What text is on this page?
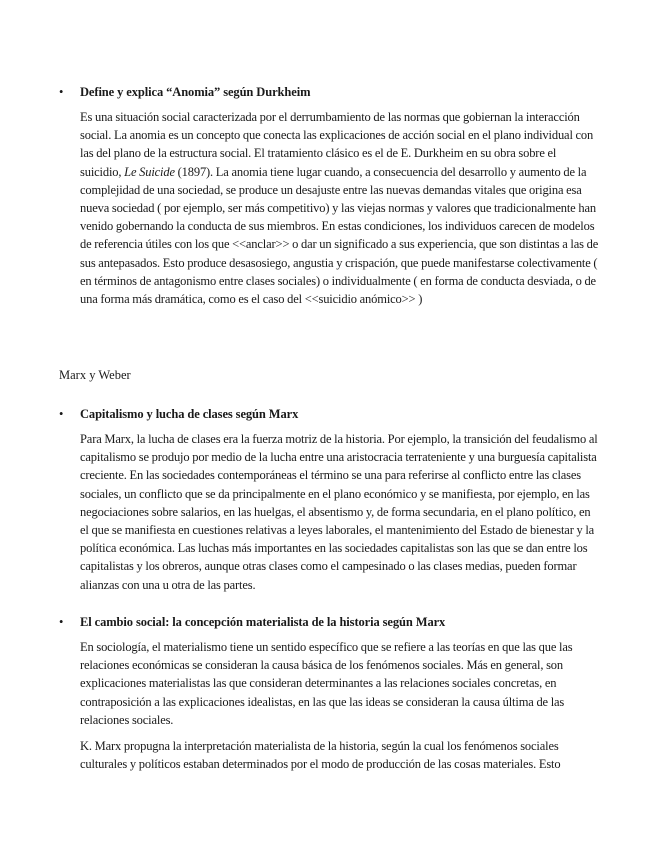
• Define y explica “Anomia” según Durkheim

Es una situación social caracterizada por el derrumbamiento de las normas que gobiernan la interacción social. La anomia es un concepto que conecta las explicaciones de acción social en el plano individual con las del plano de la estructura social. El tratamiento clásico es el de E. Durkheim en su obra sobre el suicidio, Le Suicide (1897). La anomia tiene lugar cuando, a consecuencia del desarrollo y aumento de la complejidad de una sociedad, se produce un desajuste entre las nuevas demandas vitales que origina esa nueva sociedad ( por ejemplo, ser más competitivo) y las viejas normas y valores que tradicionalmente han venido gobernando la conducta de sus miembros. En estas condiciones, los individuos carecen de modelos de referencia útiles con los que <<anclar>> o dar un significado a sus experiencia, que son distintas a las de sus antepasados. Esto produce desasosiego, angustia y crispación, que puede manifestarse colectivamente ( en términos de antagonismo entre clases sociales) o individualmente ( en forma de conducta desviada, o de una forma más dramática, como es el caso del <<suicidio anómico>> )

Marx y Weber
• Capitalismo y lucha de clases según Marx

Para Marx, la lucha de clases era la fuerza motriz de la historia. Por ejemplo, la transición del feudalismo al capitalismo se produjo por medio de la lucha entre una aristocracia terrateniente y una burguesía capitalista creciente. En las sociedades contemporáneas el término se una para referirse al conflicto entre las clases sociales, un conflicto que se da principalmente en el plano económico y se manifiesta, por ejemplo, en las negociaciones sobre salarios, en las huelgas, el absentismo y, de forma secundaria, en el plano político, en el que se manifiesta en cuestiones relativas a leyes laborales, el mantenimiento del Estado de bienestar y la política económica. Las luchas más importantes en las sociedades capitalistas son las que se dan entre los capitalistas y los obreros, aunque otras clases como el campesinado o las clases medias, pueden formar alianzas con una u otra de las partes.

• El cambio social: la concepción materialista de la historia según Marx

En sociología, el materialismo tiene un sentido específico que se refiere a las teorías en que las que las relaciones económicas se consideran la causa básica de los fenómenos sociales. Más en general, son explicaciones materialistas las que consideran determinantes a las relaciones sociales concretas, en contraposición a las explicaciones idealistas, en las que las ideas se consideran la causa última de las relaciones sociales.

K. Marx propugna la interpretación materialista de la historia, según la cual los fenómenos sociales culturales y políticos estaban determinados por el modo de producción de las cosas materiales. Esto
